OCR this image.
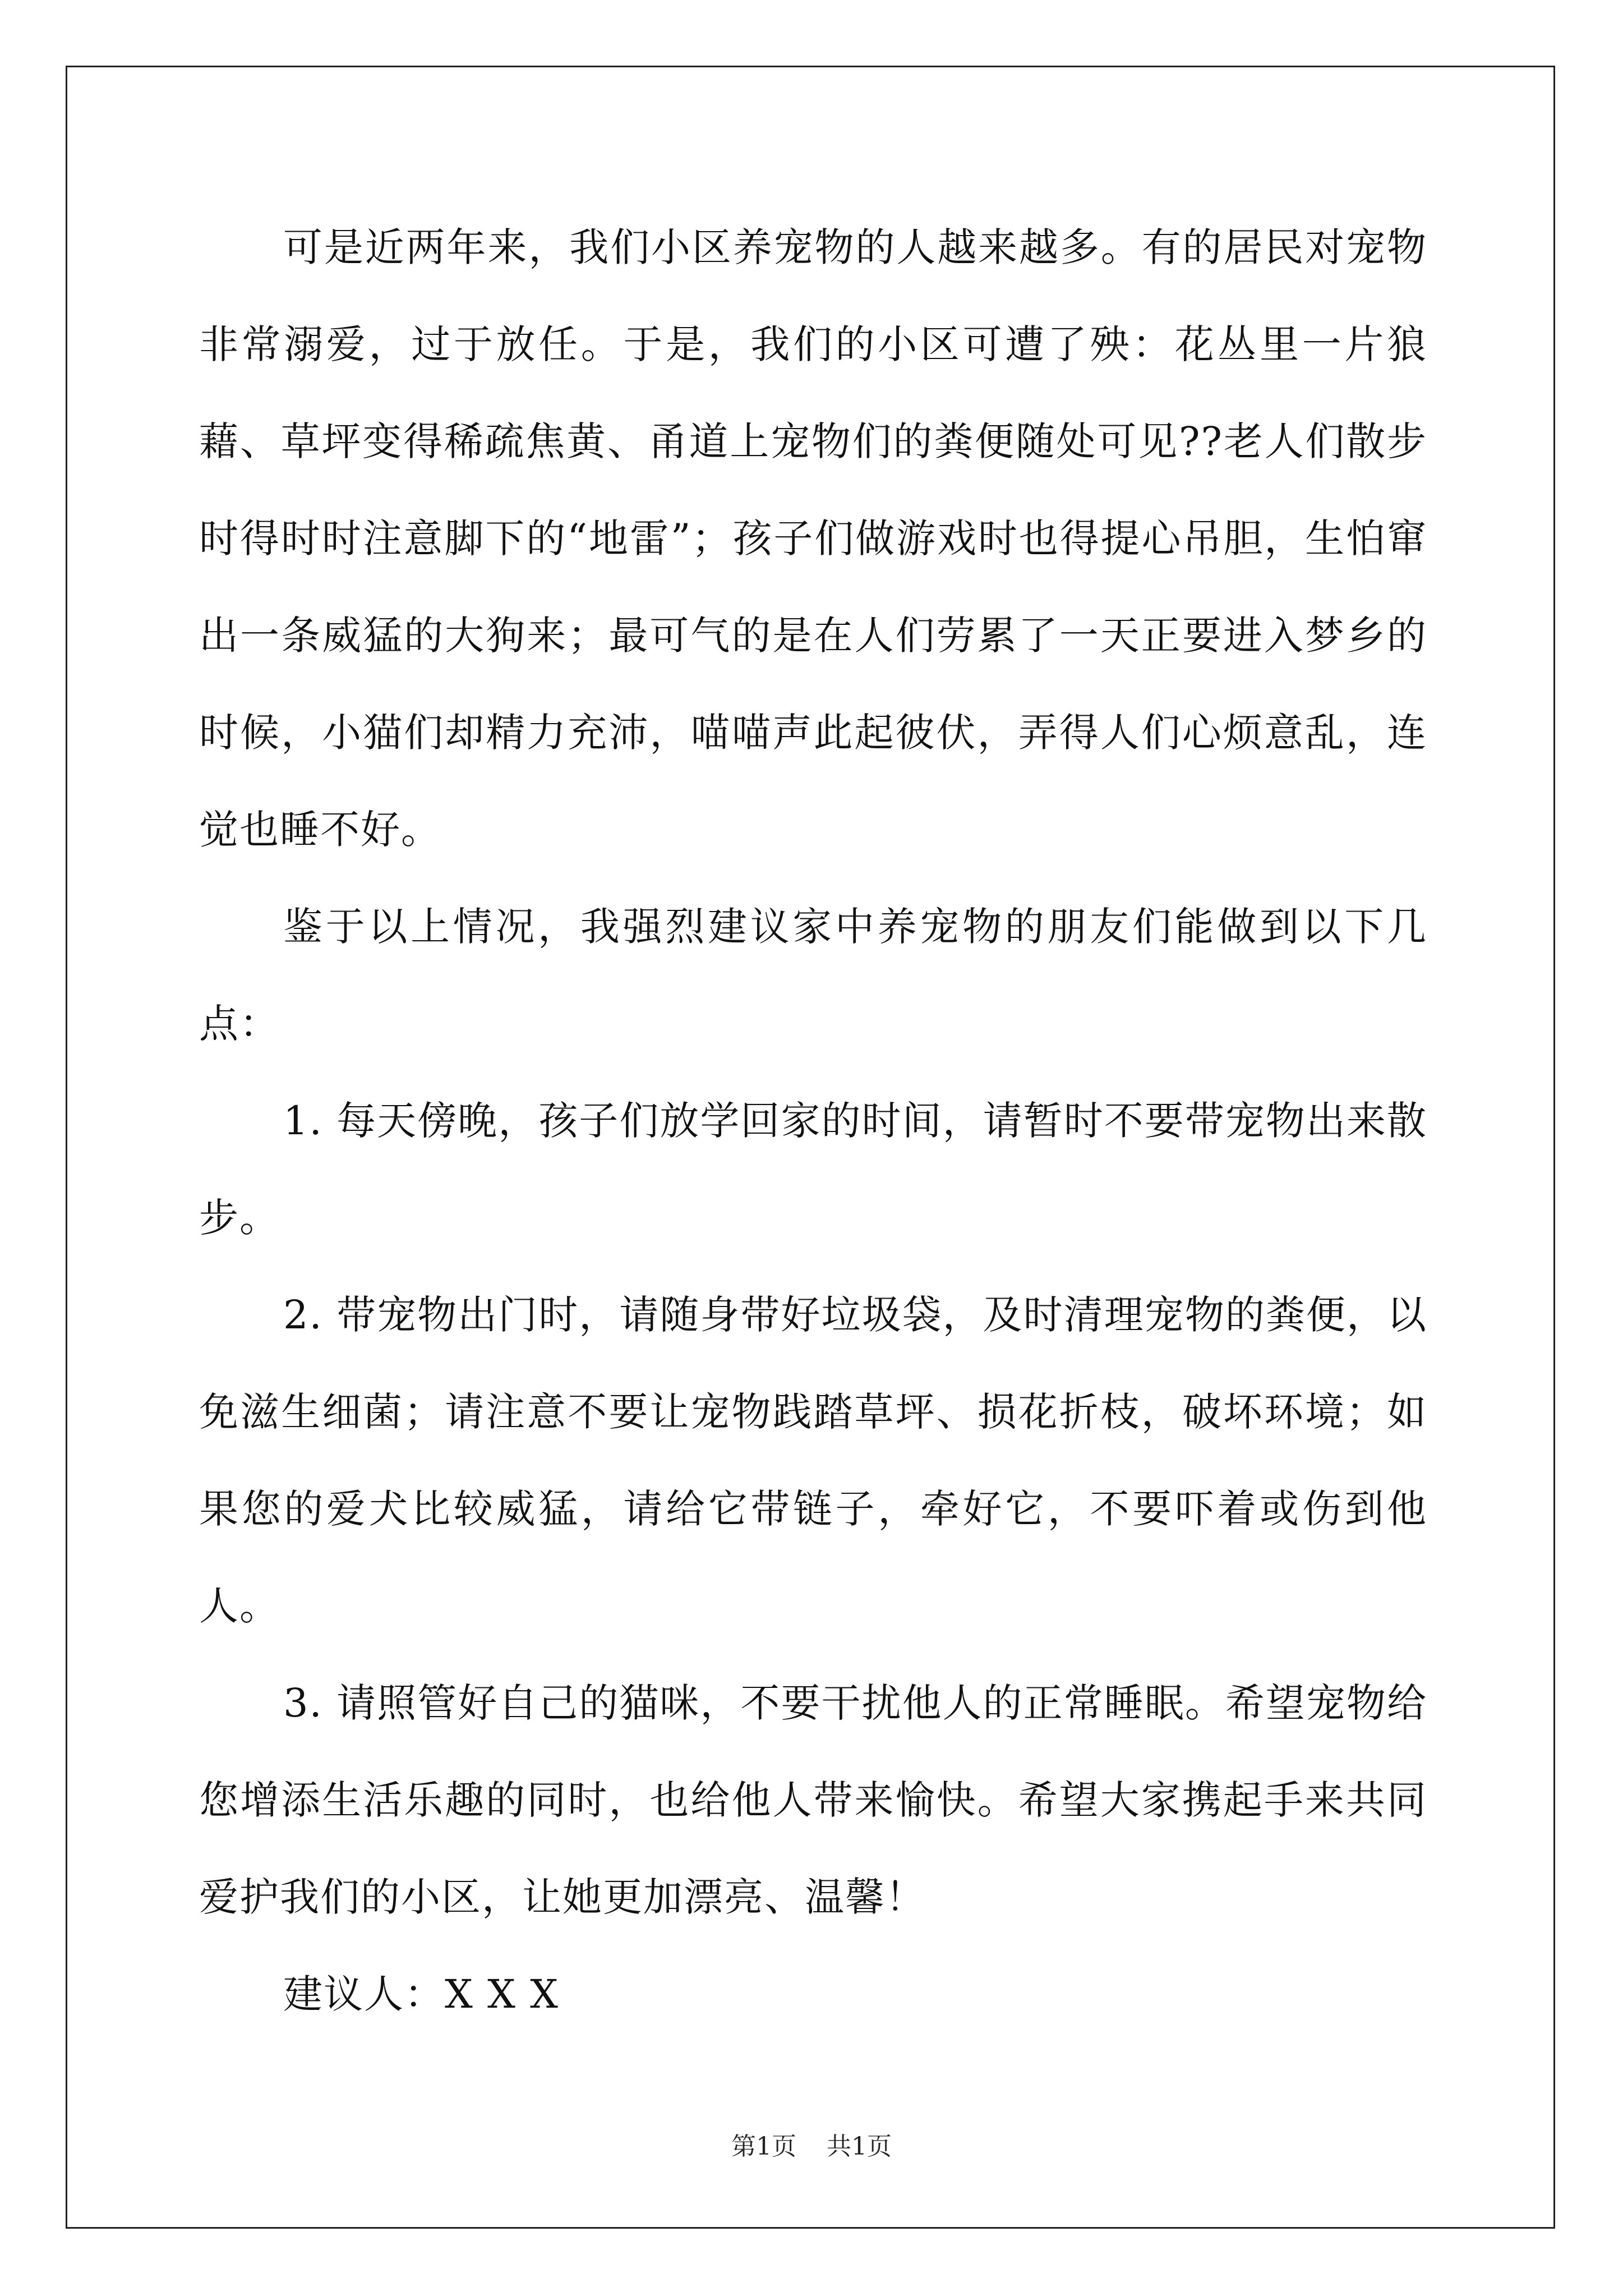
可是近两年来，我们小区养宠物的人越来越多。有的居民对宠物非常溺爱，过于放任。于是，我们的小区可遭了殃：花丛里一片狼藉、草坪变得稀疏焦黄、甬道上宠物们的粪便随处可见??老人们散步时得时时注意脚下的“地雷”；孩子们做游戏时也得提心吊胆，生怕窜出一条威猛的大狗来；最可气的是在人们劳累了一天正要进入梦乡的时候，小猫们却精力充沛，喵喵声此起彼伏，弄得人们心烦意乱，连觉也睡不好。

鉴于以上情况，我强烈建议家中养宠物的朋友们能做到以下几点：

1. 每天傍晚，孩子们放学回家的时间，请暂时不要带宠物出来散步。

2. 带宠物出门时，请随身带好垃圾袋，及时清理宠物的粪便，以免滋生细菌；请注意不要让宠物践踏草坪、损花折枝，破坏环境；如果您的爱犬比较威猛，请给它带链子，牵好它，不要吓着或伤到他人。

3. 请照管好自己的猫咪，不要干扰他人的正常睡眠。希望宠物给您增添生活乐趣的同时，也给他人带来愉快。希望大家携起手来共同爱护我们的小区，让她更加漂亮、温馨！

建议人：X X X

第1页 共1页
